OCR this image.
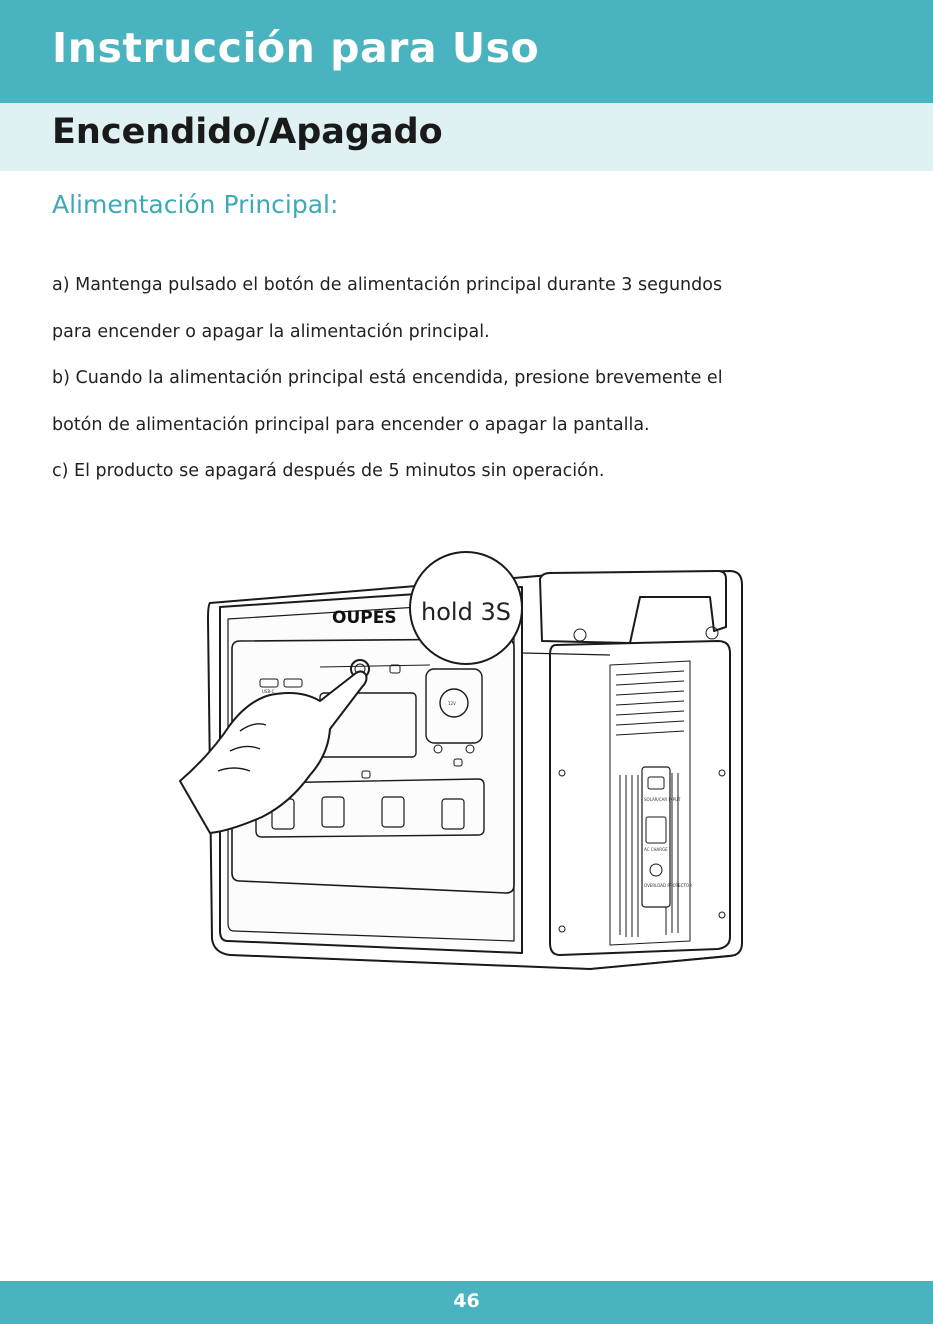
Instrucción para Uso
Encendido/Apagado
Alimentación Principal:

a) Mantenga pulsado el botón de alimentación principal durante 3 segundos

para encender o apagar la alimentación principal.

b) Cuando la alimentación principal está encendida, presione brevemente el

botón de alimentación principal para encender o apagar la pantalla.

c) El producto se apagará después de 5 minutos sin operación.

USB-C
12V
SOLAR/CAR INPUT
AC CHARGE
OVERLOAD PROTECTOR
hold 3S
OUPES
46
